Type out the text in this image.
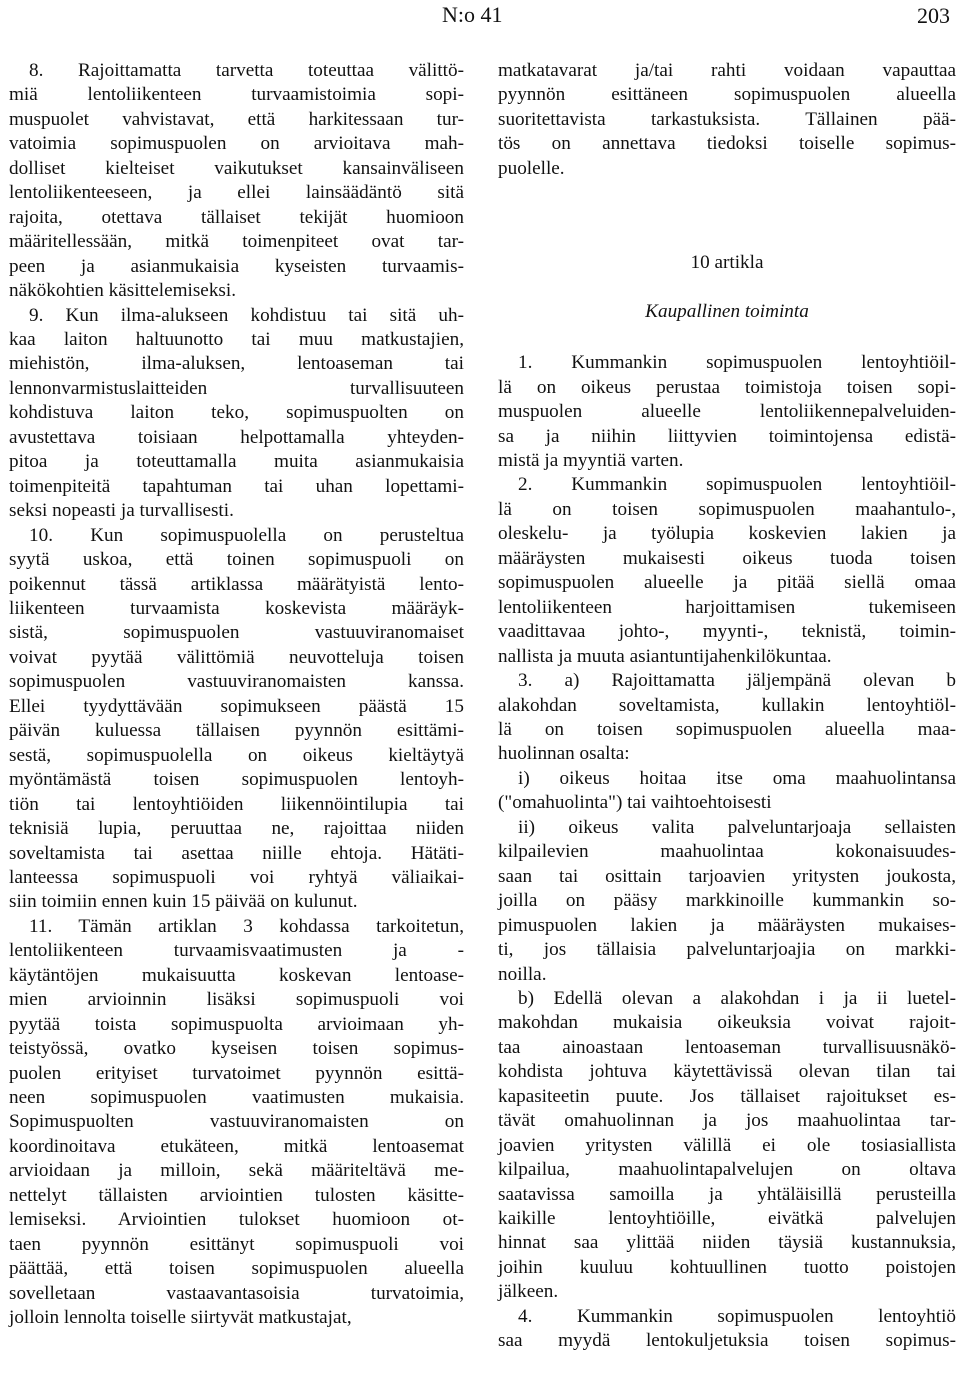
N:o 41	203

8. Rajoittamatta tarvetta toteuttaa välittö-
miä lentoliikenteen turvaamistoimia sopi-
muspuolet vahvistavat, että harkitessaan tur-
vatoimia sopimuspuolen on arvioitava mah-
dolliset kielteiset vaikutukset kansainväliseen
lentoliikenteeseen, ja ellei lainsäädäntö sitä
rajoita, otettava tällaiset tekijät huomioon
määritellessään, mitkä toimenpiteet ovat tar-
peen ja asianmukaisia kyseisten turvaamis-
näkökohtien käsittelemiseksi.

9. Kun ilma-alukseen kohdistuu tai sitä uh-
kaa laiton haltuunotto tai muu matkustajien,
miehistön, ilma-aluksen, lentoaseman tai
lennonvarmistuslaitteiden turvallisuuteen
kohdistuva laiton teko, sopimuspuolten on
avustettava toisiaan helpottamalla yhteyden-
pitoa ja toteuttamalla muita asianmukaisia
toimenpiteitä tapahtuman tai uhan lopettami-
seksi nopeasti ja turvallisesti.

10. Kun sopimuspuolella on perusteltua
syytä uskoa, että toinen sopimuspuoli on
poikennut tässä artiklassa määrätyistä lento-
liikenteen turvaamista koskevista määräyk-
sistä, sopimuspuolen vastuuviranomaiset
voivat pyytää välittömiä neuvotteluja toisen
sopimuspuolen vastuuviranomaisten kanssa.
Ellei tyydyttävään sopimukseen päästä 15
päivän kuluessa tällaisen pyynnön esittämi-
sestä, sopimuspuolella on oikeus kieltäytyä
myöntämästä toisen sopimuspuolen lentoyh-
tiön tai lentoyhtiöiden liikennöintilupia tai
teknisiä lupia, peruuttaa ne, rajoittaa niiden
soveltamista tai asettaa niille ehtoja. Hätäti-
lanteessa sopimuspuoli voi ryhtyä väliaikai-
siin toimiin ennen kuin 15 päivää on kulunut.

11. Tämän artiklan 3 kohdassa tarkoitetun,
lentoliikenteen turvaamisvaatimusten ja -
käytäntöjen mukaisuutta koskevan lentoase-
mien arvioinnin lisäksi sopimuspuoli voi
pyytää toista sopimuspuolta arvioimaan yh-
teistyössä, ovatko kyseisen toisen sopimus-
puolen erityiset turvatoimet pyynnön esittä-
neen sopimuspuolen vaatimusten mukaisia.
Sopimuspuolten vastuuviranomaisten on
koordinoitava etukäteen, mitkä lentoasemat
arvioidaan ja milloin, sekä määriteltävä me-
nettelyt tällaisten arviointien tulosten käsitte-
lemiseksi. Arviointien tulokset huomioon ot-
taen pyynnön esittänyt sopimuspuoli voi
päättää, että toisen sopimuspuolen alueella
sovelletaan vastaavantasoisia turvatoimia,
jolloin lennolta toiselle siirtyvät matkustajat,

matkatavarat ja/tai rahti voidaan vapauttaa
pyynnön esittäneen sopimuspuolen alueella
suoritettavista tarkastuksista. Tällainen pää-
tös on annettava tiedoksi toiselle sopimus-
puolelle.

10 artikla
Kaupallinen toiminta

1. Kummankin sopimuspuolen lentoyhtiöil-
lä on oikeus perustaa toimistoja toisen sopi-
muspuolen alueelle lentoliikennepalveluiden-
sa ja niihin liittyvien toimintojensa edistä-
mistä ja myyntiä varten.

2. Kummankin sopimuspuolen lentoyhtiöil-
lä on toisen sopimuspuolen maahantulo-,
oleskelu- ja työlupia koskevien lakien ja
määräysten mukaisesti oikeus tuoda toisen
sopimuspuolen alueelle ja pitää siellä omaa
lentoliikenteen harjoittamisen tukemiseen
vaadittavaa johto-, myynti-, teknistä, toimin-
nallista ja muuta asiantuntijahenkilökuntaa.

3. a) Rajoittamatta jäljempänä olevan b
alakohdan soveltamista, kullakin lentoyhtiöl-
lä on toisen sopimuspuolen alueella maa-
huolinnan osalta:

i) oikeus hoitaa itse oma maahuolintansa
("omahuolinta") tai vaihtoehtoisesti

ii) oikeus valita palveluntarjoaja sellaisten
kilpailevien maahuolintaa kokonaisuudes-
saan tai osittain tarjoavien yritysten joukosta,
joilla on pääsy markkinoille kummankin so-
pimuspuolen lakien ja määräysten mukaises-
ti, jos tällaisia palveluntarjoajia on markki-
noilla.

b) Edellä olevan a alakohdan i ja ii luetel-
makohdan mukaisia oikeuksia voivat rajoit-
taa ainoastaan lentoaseman turvallisuusnäkö-
kohdista johtuva käytettävissä olevan tilan tai
kapasiteetin puute. Jos tällaiset rajoitukset es-
tävät omahuolinnan ja jos maahuolintaa tar-
joavien yritysten välillä ei ole tosiasiallista
kilpailua, maahuolintapalvelujen on oltava
saatavissa samoilla ja yhtäläisillä perusteilla
kaikille lentoyhtiöille, eivätkä palvelujen
hinnat saa ylittää niiden täysiä kustannuksia,
joihin kuuluu kohtuullinen tuotto poistojen
jälkeen.

4. Kummankin sopimuspuolen lentoyhtiö
saa myydä lentokuljetuksia toisen sopimus-
